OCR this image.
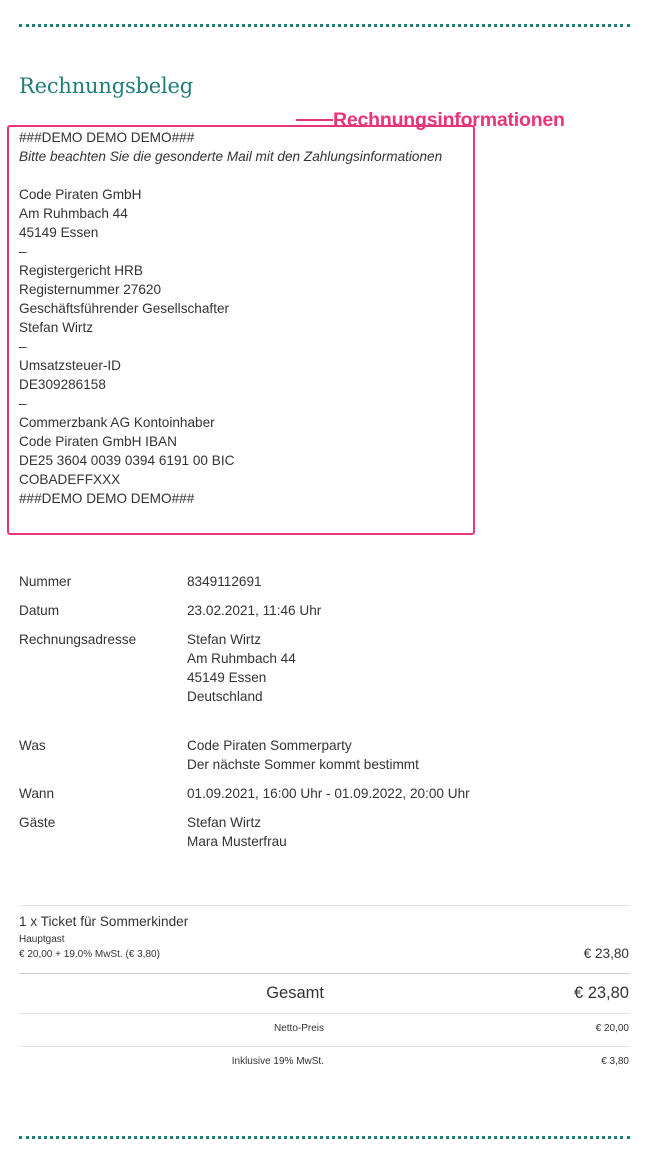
Rechnungsbeleg
Rechnungsinformationen
###DEMO DEMO DEMO###
Bitte beachten Sie die gesonderte Mail mit den Zahlungsinformationen
Code Piraten GmbH
Am Ruhmbach 44
45149 Essen
–
Registergericht HRB
Registernummer 27620
Geschäftsführender Gesellschafter
Stefan Wirtz
–
Umsatzsteuer-ID
DE309286158
–
Commerzbank AG Kontoinhaber
Code Piraten GmbH IBAN
DE25 3604 0039 0394 6191 00 BIC
COBADEFFXXX
###DEMO DEMO DEMO###
Nummer	8349112691
Datum	23.02.2021, 11:46 Uhr
Rechnungsadresse	Stefan Wirtz
Am Ruhmbach 44
45149 Essen
Deutschland
Was	Code Piraten Sommerparty
Der nächste Sommer kommt bestimmt
Wann	01.09.2021, 16:00 Uhr - 01.09.2022, 20:00 Uhr
Gäste	Stefan Wirtz
Mara Musterfrau
1 x Ticket für Sommerkinder
Hauptgast
€ 20,00 + 19.0% MwSt. (€ 3,80)	€ 23,80
Gesamt	€ 23,80
Netto-Preis	€ 20,00
Inklusive 19% MwSt.	€ 3,80
